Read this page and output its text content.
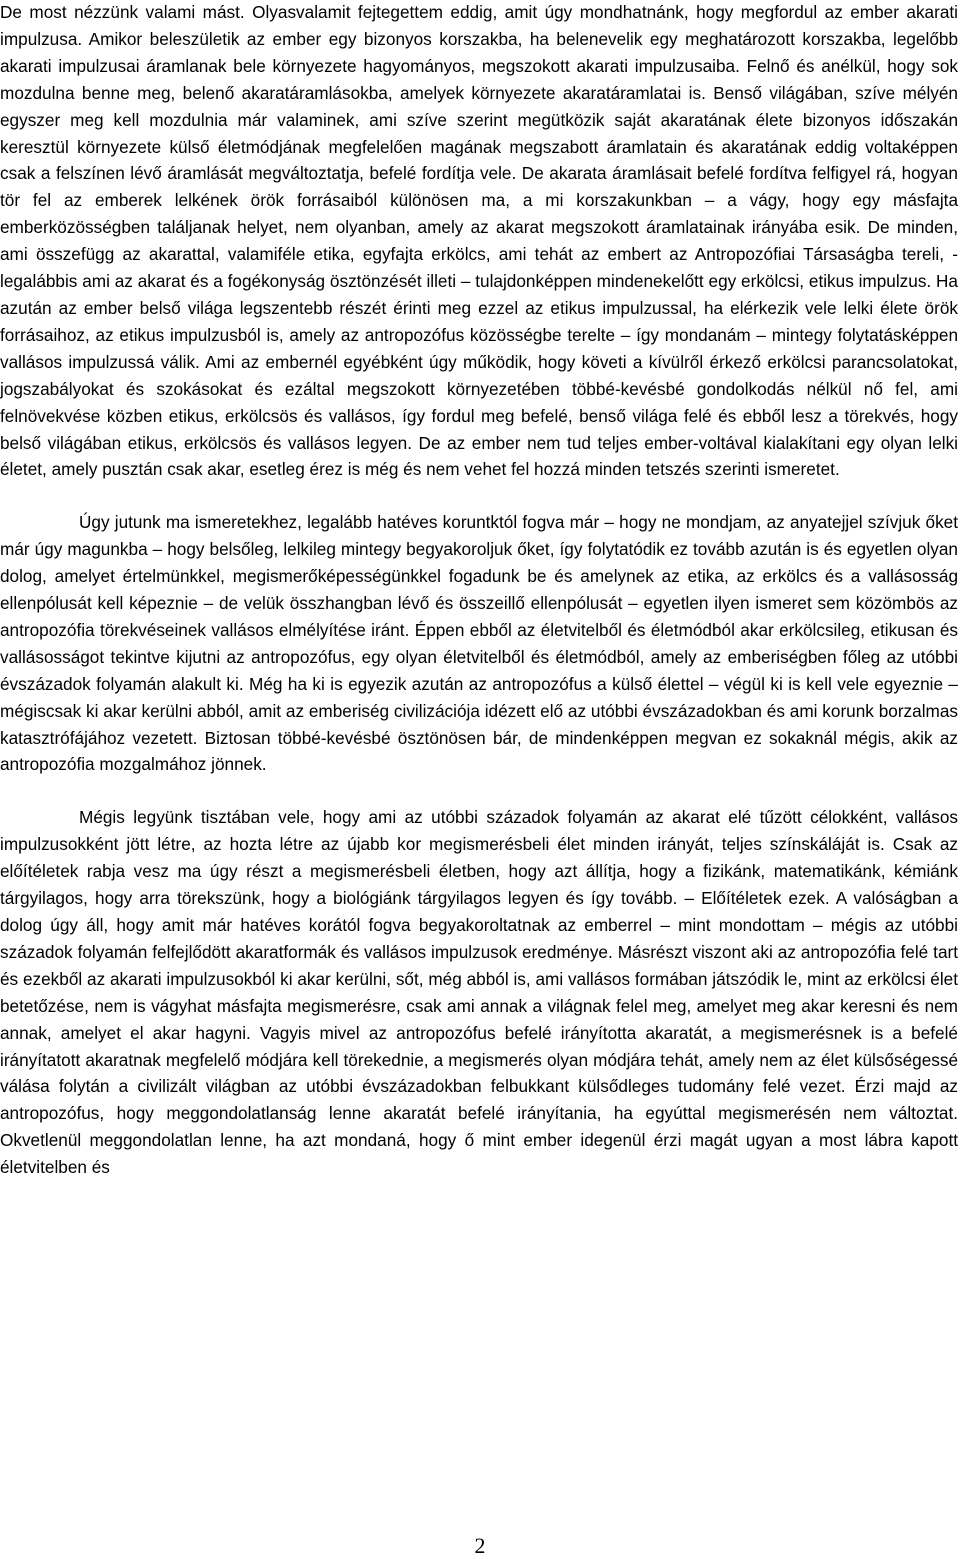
De most nézzünk valami mást. Olyasvalamit fejtegettem eddig, amit úgy mondhatnánk, hogy megfordul az ember akarati impulzusa. Amikor beleszületik az ember egy bizonyos korszakba, ha belenevelik egy meghatározott korszakba, legelőbb akarati impulzusai áramlanak bele környezete hagyományos, megszokott akarati impulzusaiba. Felnő és anélkül, hogy sok mozdulna benne meg, belenő akaratáramlásokba, amelyek környezete akaratáramlatai is. Benső világában, szíve mélyén egyszer meg kell mozdulnia már valaminek, ami szíve szerint megütközik saját akaratának élete bizonyos időszakán keresztül környezete külső életmódjának megfelelően magának megszabott áramlatain és akaratának eddig voltaképpen csak a felszínen lévő áramlását megváltoztatja, befelé fordítja vele. De akarata áramlásait befelé fordítva felfigyel rá, hogyan tör fel az emberek lelkének örök forrásaiból különösen ma, a mi korszakunkban – a vágy, hogy egy másfajta emberközösségben találjanak helyet, nem olyanban, amely az akarat megszokott áramlatainak irányába esik. De minden, ami összefügg az akarattal, valamiféle etika, egyfajta erkölcs, ami tehát az embert az Antropozófiai Társaságba tereli, - legalábbis ami az akarat és a fogékonyság ösztönzését illeti – tulajdonképpen mindenekelőtt egy erkölcsi, etikus impulzus. Ha azután az ember belső világa legszentebb részét érinti meg ezzel az etikus impulzussal, ha elérkezik vele lelki élete örök forrásaihoz, az etikus impulzusból is, amely az antropozófus közösségbe terelte – így mondanám – mintegy folytatásképpen vallásos impulzussá válik. Ami az embernél egyébként úgy működik, hogy követi a kívülről érkező erkölcsi parancsolatokat, jogszabályokat és szokásokat és ezáltal megszokott környezetében többé-kevésbé gondolkodás nélkül nő fel, ami felnövekvése közben etikus, erkölcsös és vallásos, így fordul meg befelé, benső világa felé és ebből lesz a törekvés, hogy belső világában etikus, erkölcsös és vallásos legyen. De az ember nem tud teljes ember-voltával kialakítani egy olyan lelki életet, amely pusztán csak akar, esetleg érez is még és nem vehet fel hozzá minden tetszés szerinti ismeretet.

Úgy jutunk ma ismeretekhez, legalább hatéves koruntktól fogva már – hogy ne mondjam, az anyatejjel szívjuk őket már úgy magunkba – hogy belsőleg, lelkileg mintegy begyakoroljuk őket, így folytatódik ez tovább azután is és egyetlen olyan dolog, amelyet értelmünkkel, megismerőképességünkkel fogadunk be és amelynek az etika, az erkölcs és a vallásosság ellenpólusát kell képeznie – de velük összhangban lévő és összeillő ellenpólusát – egyetlen ilyen ismeret sem közömbös az antropozófia törekvéseinek vallásos elmélyítése iránt. Éppen ebből az életvitelből és életmódból akar erkölcsileg, etikusan és vallásosságot tekintve kijutni az antropozófus, egy olyan életvitelből és életmódból, amely az emberiségben főleg az utóbbi évszázadok folyamán alakult ki. Még ha ki is egyezik azután az antropozófus a külső élettel – végül ki is kell vele egyeznie – mégiscsak ki akar kerülni abból, amit az emberiség civilizációja idézett elő az utóbbi évszázadokban és ami korunk borzalmas katasztrófájához vezetett. Biztosan többé-kevésbé ösztönösen bár, de mindenképpen megvan ez sokaknál mégis, akik az antropozófia mozgalmához jönnek.

Mégis legyünk tisztában vele, hogy ami az utóbbi századok folyamán az akarat elé tűzött célokként, vallásos impulzusokként jött létre, az hozta létre az újabb kor megismerésbeli élet minden irányát, teljes színskáláját is. Csak az előítéletek rabja vesz ma úgy részt a megismerésbeli életben, hogy azt állítja, hogy a fizikánk, matematikánk, kémiánk tárgyilagos, hogy arra törekszünk, hogy a biológiánk tárgyilagos legyen és így tovább. – Előítéletek ezek. A valóságban a dolog úgy áll, hogy amit már hatéves korától fogva begyakoroltatnak az emberrel – mint mondottam – mégis az utóbbi századok folyamán felfejlődött akaratformák és vallásos impulzusok eredménye. Másrészt viszont aki az antropozófia felé tart és ezekből az akarati impulzusokból ki akar kerülni, sőt, még abból is, ami vallásos formában játszódik le, mint az erkölcsi élet betetőzése, nem is vágyhat másfajta megismerésre, csak ami annak a világnak felel meg, amelyet meg akar keresni és nem annak, amelyet el akar hagyni. Vagyis mivel az antropozófus befelé irányította akaratát, a megismerésnek is a befelé irányítatott akaratnak megfelelő módjára kell törekednie, a megismerés olyan módjára tehát, amely nem az élet külsőségessé válása folytán a civilizált világban az utóbbi évszázadokban felbukkant külsődleges tudomány felé vezet. Érzi majd az antropozófus, hogy meggondolatlanság lenne akaratát befelé irányítania, ha egyúttal megismerésén nem változtat. Okvetlenül meggondolatlan lenne, ha azt mondaná, hogy ő mint ember idegenül érzi magát ugyan a most lábra kapott életvitelben és

2
